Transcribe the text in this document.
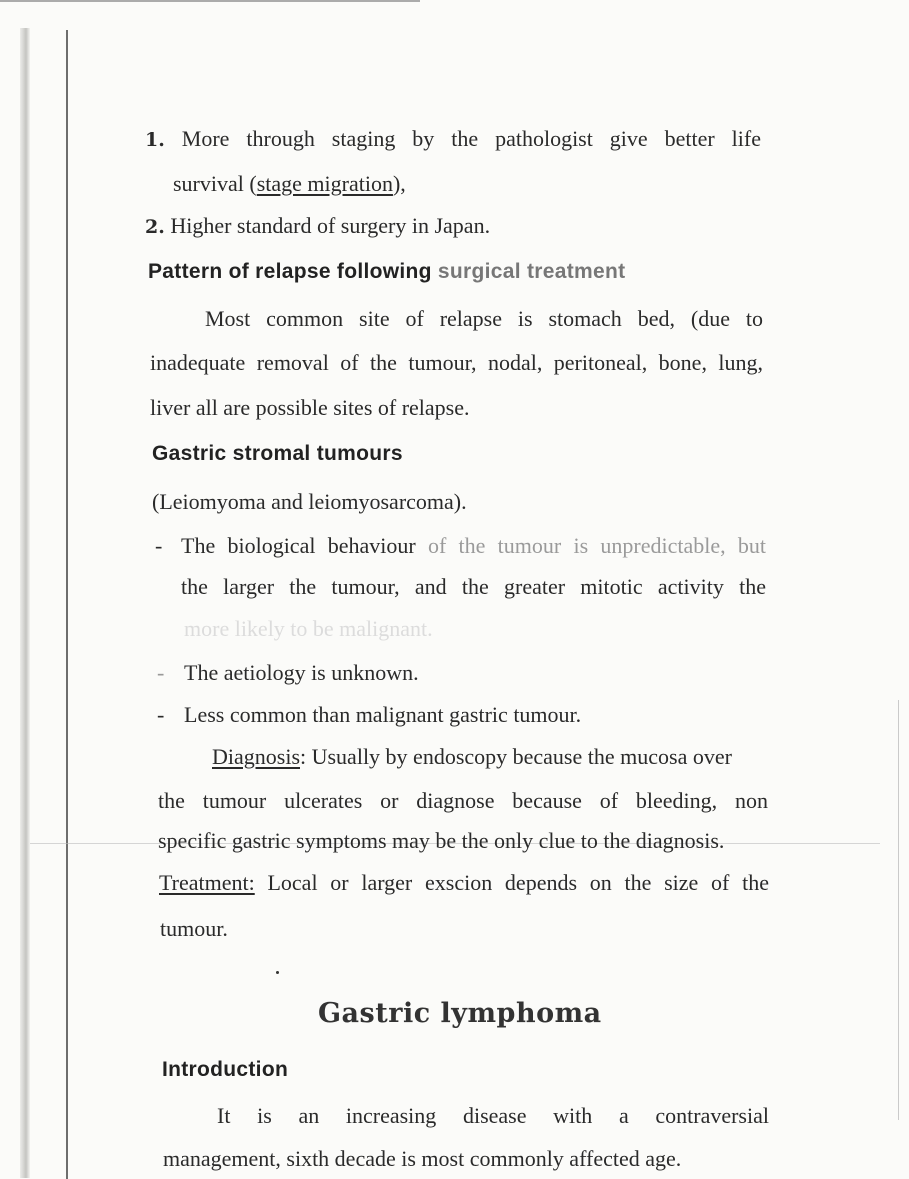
1. More through staging by the pathologist give better life
survival (stage migration),
2. Higher standard of surgery in Japan.
Pattern of relapse following surgical treatment
Most common site of relapse is stomach bed, (due to
inadequate removal of the tumour, nodal, peritoneal, bone, lung,
liver all are possible sites of relapse.
Gastric stromal tumours
(Leiomyoma and leiomyosarcoma).
- The biological behaviour of the tumour is unpredictable, but
the larger the tumour, and the greater mitotic activity the
more likely to be malignant.
- The aetiology is unknown.
- Less common than malignant gastric tumour.
Diagnosis: Usually by endoscopy because the mucosa over
the tumour ulcerates or diagnose because of bleeding, non
specific gastric symptoms may be the only clue to the diagnosis.
Treatment: Local or larger exscion depends on the size of the
tumour.
Gastric lymphoma
Introduction
It is an increasing disease with a contraversial
management, sixth decade is most commonly affected age.
